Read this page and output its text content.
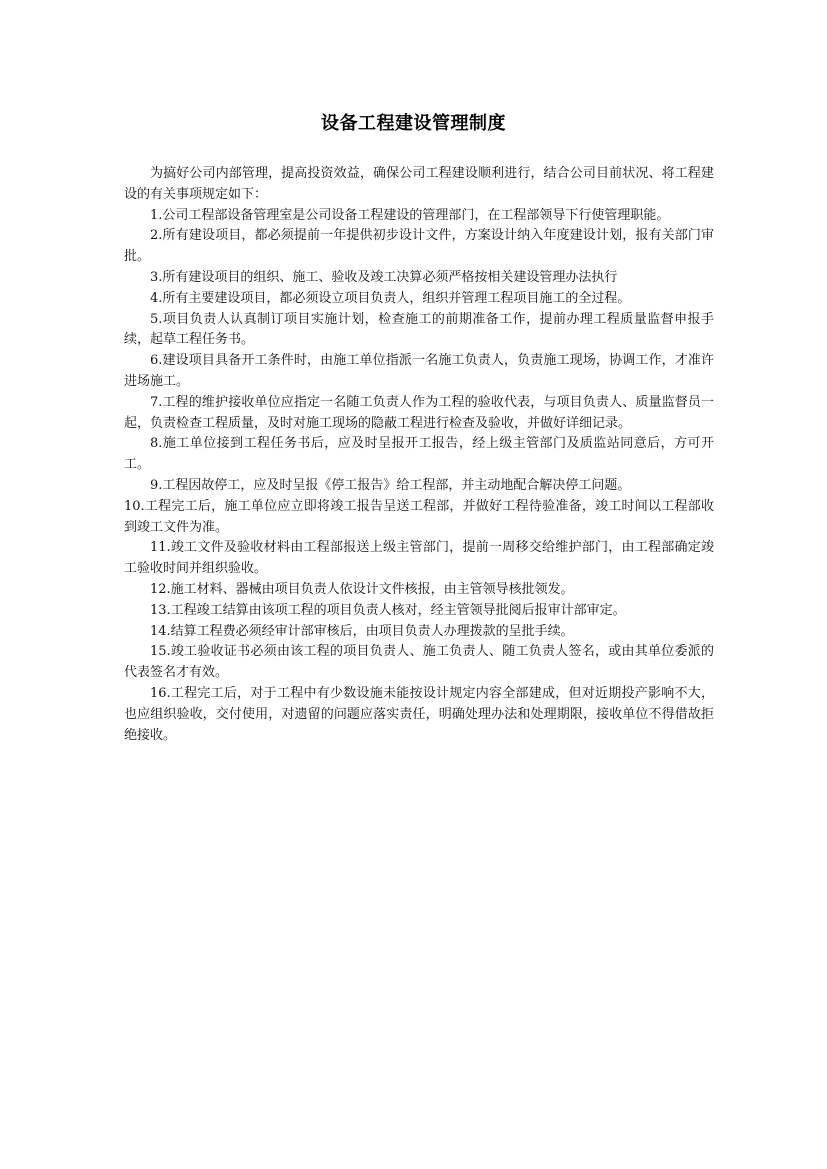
设备工程建设管理制度

为搞好公司内部管理，提高投资效益，确保公司工程建设顺利进行，结合公司目前状况、将工程建设的有关事项规定如下：

1.公司工程部设备管理室是公司设备工程建设的管理部门，在工程部领导下行使管理职能。

2.所有建设项目，都必须提前一年提供初步设计文件，方案设计纳入年度建设计划，报有关部门审批。

3.所有建设项目的组织、施工、验收及竣工决算必须严格按相关建设管理办法执行

4.所有主要建设项目，都必须设立项目负责人，组织并管理工程项目施工的全过程。

5.项目负责人认真制订项目实施计划，检查施工的前期准备工作，提前办理工程质量监督申报手续，起草工程任务书。

6.建设项目具备开工条件时，由施工单位指派一名施工负责人，负责施工现场，协调工作，才准许进场施工。

7.工程的维护接收单位应指定一名随工负责人作为工程的验收代表，与项目负责人、质量监督员一起，负责检查工程质量，及时对施工现场的隐蔽工程进行检查及验收，并做好详细记录。

8.施工单位接到工程任务书后，应及时呈报开工报告，经上级主管部门及质监站同意后，方可开工。

9.工程因故停工，应及时呈报《停工报告》给工程部，并主动地配合解决停工问题。

10.工程完工后，施工单位应立即将竣工报告呈送工程部，并做好工程待验准备，竣工时间以工程部收到竣工文件为准。

11.竣工文件及验收材料由工程部报送上级主管部门，提前一周移交给维护部门，由工程部确定竣工验收时间并组织验收。

12.施工材料、器械由项目负责人依设计文件核报，由主管领导核批领发。

13.工程竣工结算由该项工程的项目负责人核对，经主管领导批阅后报审计部审定。

14.结算工程费必须经审计部审核后，由项目负责人办理拨款的呈批手续。

15.竣工验收证书必须由该工程的项目负责人、施工负责人、随工负责人签名，或由其单位委派的代表签名才有效。

16.工程完工后，对于工程中有少数设施未能按设计规定内容全部建成，但对近期投产影响不大，也应组织验收，交付使用，对遗留的问题应落实责任，明确处理办法和处理期限，接收单位不得借故拒绝接收。
